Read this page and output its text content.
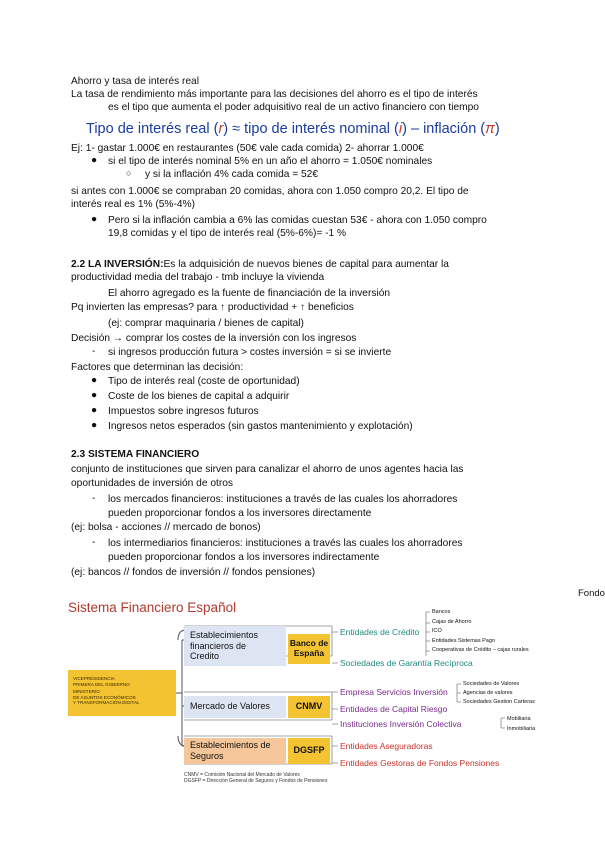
Ahorro y tasa de interés real
La tasa de rendimiento más importante para las decisiones del ahorro es el tipo de interés
es el tipo que aumenta el poder adquisitivo real de un activo financiero con tiempo
Tipo de interés real (r) ≈ tipo de interés nominal (i) – inflación (π)
Ej: 1- gastar 1.000€ en restaurantes (50€ vale cada comida) 2- ahorrar 1.000€
● si el tipo de interés nominal 5% en un año el ahorro = 1.050€ nominales
○ y si la inflación 4% cada comida = 52€
si antes con 1.000€ se compraban 20 comidas, ahora con 1.050 compro 20,2. El tipo de
interés real es 1% (5%-4%)
● Pero si la inflación cambia a 6% las comidas cuestan 53€ - ahora con 1.050 compro
19,8 comidas y el tipo de interés real (5%-6%)= -1 %
2.2 LA INVERSIÓN:Es la adquisición de nuevos bienes de capital para aumentar la
productividad media del trabajo - tmb incluye la vivienda
El ahorro agregado es la fuente de financiación de la inversión
Pq invierten las empresas? para ↑ productividad + ↑ beneficios
(ej: comprar maquinaria / bienes de capital)
Decisión → comprar los costes de la inversión con los ingresos
- si ingresos producción futura > costes inversión = si se invierte
Factores que determinan las decisión:
● Tipo de interés real (coste de oportunidad)
● Coste de los bienes de capital a adquirir
● Impuestos sobre ingresos futuros
● Ingresos netos esperados (sin gastos mantenimiento y explotación)
2.3 SISTEMA FINANCIERO
conjunto de instituciones que sirven para canalizar el ahorro de unos agentes hacia las
oportunidades de inversión de otros
- los mercados financieros: instituciones a través de las cuales los ahorradores
pueden proporcionar fondos a los inversores directamente
(ej: bolsa - acciones // mercado de bonos)
- los intermediarios financieros: instituciones a través las cuales los ahorradores
pueden proporcionar fondos a los inversores indirectamente
(ej: bancos // fondos de inversión // fondos pensiones)
Fondo
Sistema Financiero Español
VICEPRESIDENCIA
PRIMERA DEL GOBIERNO
MINISTERIO
DE ASUNTOS ECONÓMICOS
Y TRANSFORMACIÓN DIGITAL
Establecimientos
financieros de
Credito
Banco de
España
Mercado de Valores	CNMV
Establecimientos de
Seguros
DGSFP
Entidades de Crédito
Sociedades de Garantía Recíproca
Bancos
Cajas de Ahorro
ICO
Entidades Sistemas Pago
Cooperativas de Crédito – cajas rurales
Empresa Servicios Inversión
Entidades de Capital Riesgo
Instituciones Inversión Colectiva
Sociedades de Valores
Agencias de valores
Sociedades Gestion Carteras
Mobiliaria
Inmobiliaria
Entidades Aseguradoras
Entidades Gestoras de Fondos Pensiones
CNMV = Comisión Nacional del Mercado de Valores
DGSFP = Dirección General de Seguros y Fondos de Pensiones
